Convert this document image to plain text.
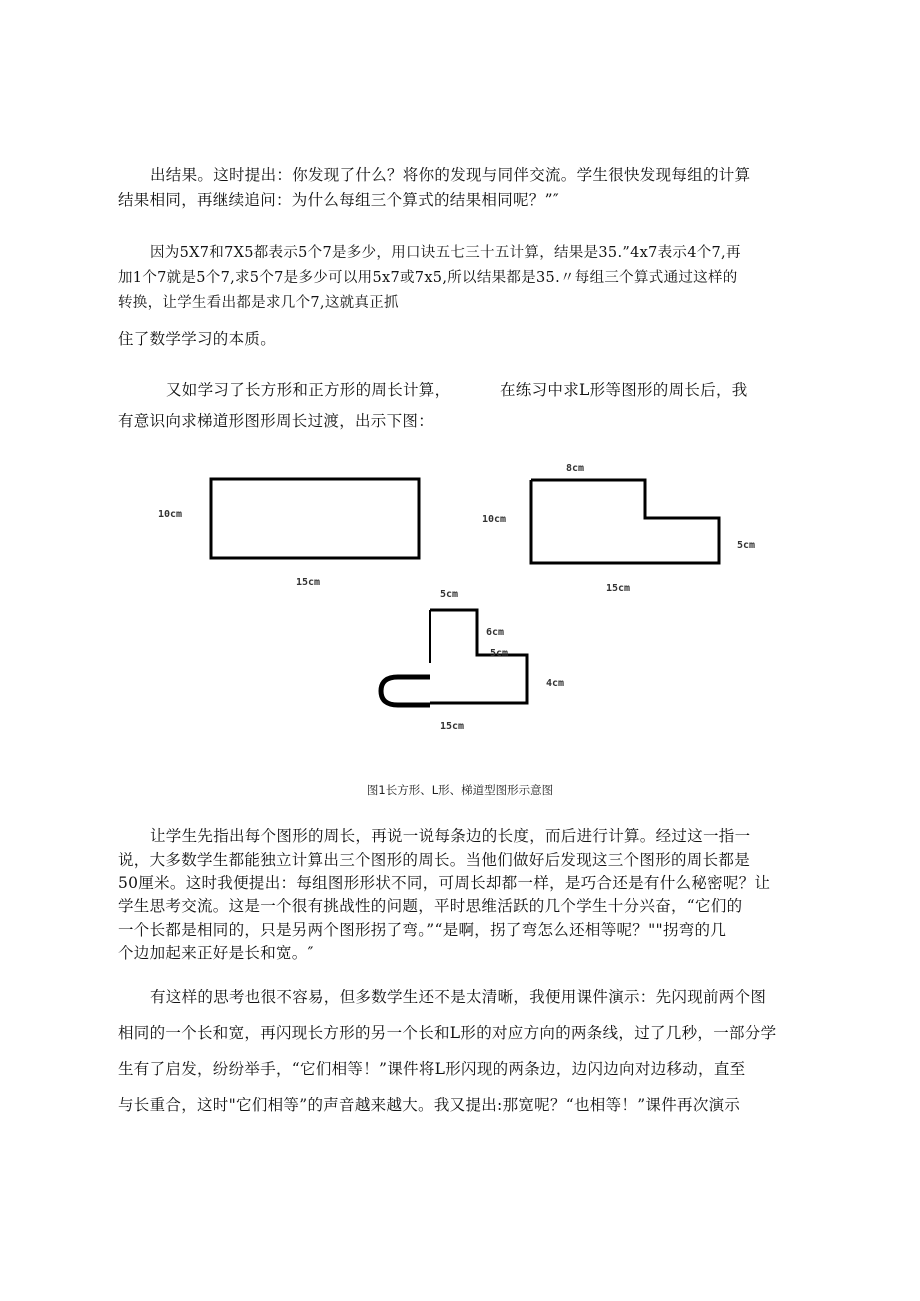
出结果。这时提出：你发现了什么？将你的发现与同伴交流。学生很快发现每组的计算
结果相同，再继续追问：为什么每组三个算式的结果相同呢？”″
因为5X7和7X5都表示5个7是多少，用口诀五七三十五计算，结果是35.”4x7表示4个7,再
加1个7就是5个7,求5个7是多少可以用5x7或7x5,所以结果都是35.〃每组三个算式通过这样的
转换，让学生看出都是求几个7,这就真正抓
住了数学学习的本质。
又如学习了长方形和正方形的周长计算，	在练习中求L形等图形的周长后，我
有意识向求梯道形图形周长过渡，出示下图：
10cm
15cm
8cm
10cm
5cm
15cm
5cm
6cm
5cm
4cm
15cm
图1长方形、L形、梯道型图形示意图
让学生先指出每个图形的周长，再说一说每条边的长度，而后进行计算。经过这一指一
说，大多数学生都能独立计算出三个图形的周长。当他们做好后发现这三个图形的周长都是
50厘米。这时我便提出：每组图形形状不同，可周长却都一样，是巧合还是有什么秘密呢？让
学生思考交流。这是一个很有挑战性的问题，平时思维活跃的几个学生十分兴奋，“它们的
一个长都是相同的，只是另两个图形拐了弯。”“是啊，拐了弯怎么还相等呢？""拐弯的几
个边加起来正好是长和宽。″
有这样的思考也很不容易，但多数学生还不是太清晰，我便用课件演示：先闪现前两个图
相同的一个长和宽，再闪现长方形的另一个长和L形的对应方向的两条线，过了几秒，一部分学
生有了启发，纷纷举手，“它们相等！”课件将L形闪现的两条边，边闪边向对边移动，直至
与长重合，这时"它们相等”的声音越来越大。我又提出:那宽呢？“也相等！”课件再次演示
